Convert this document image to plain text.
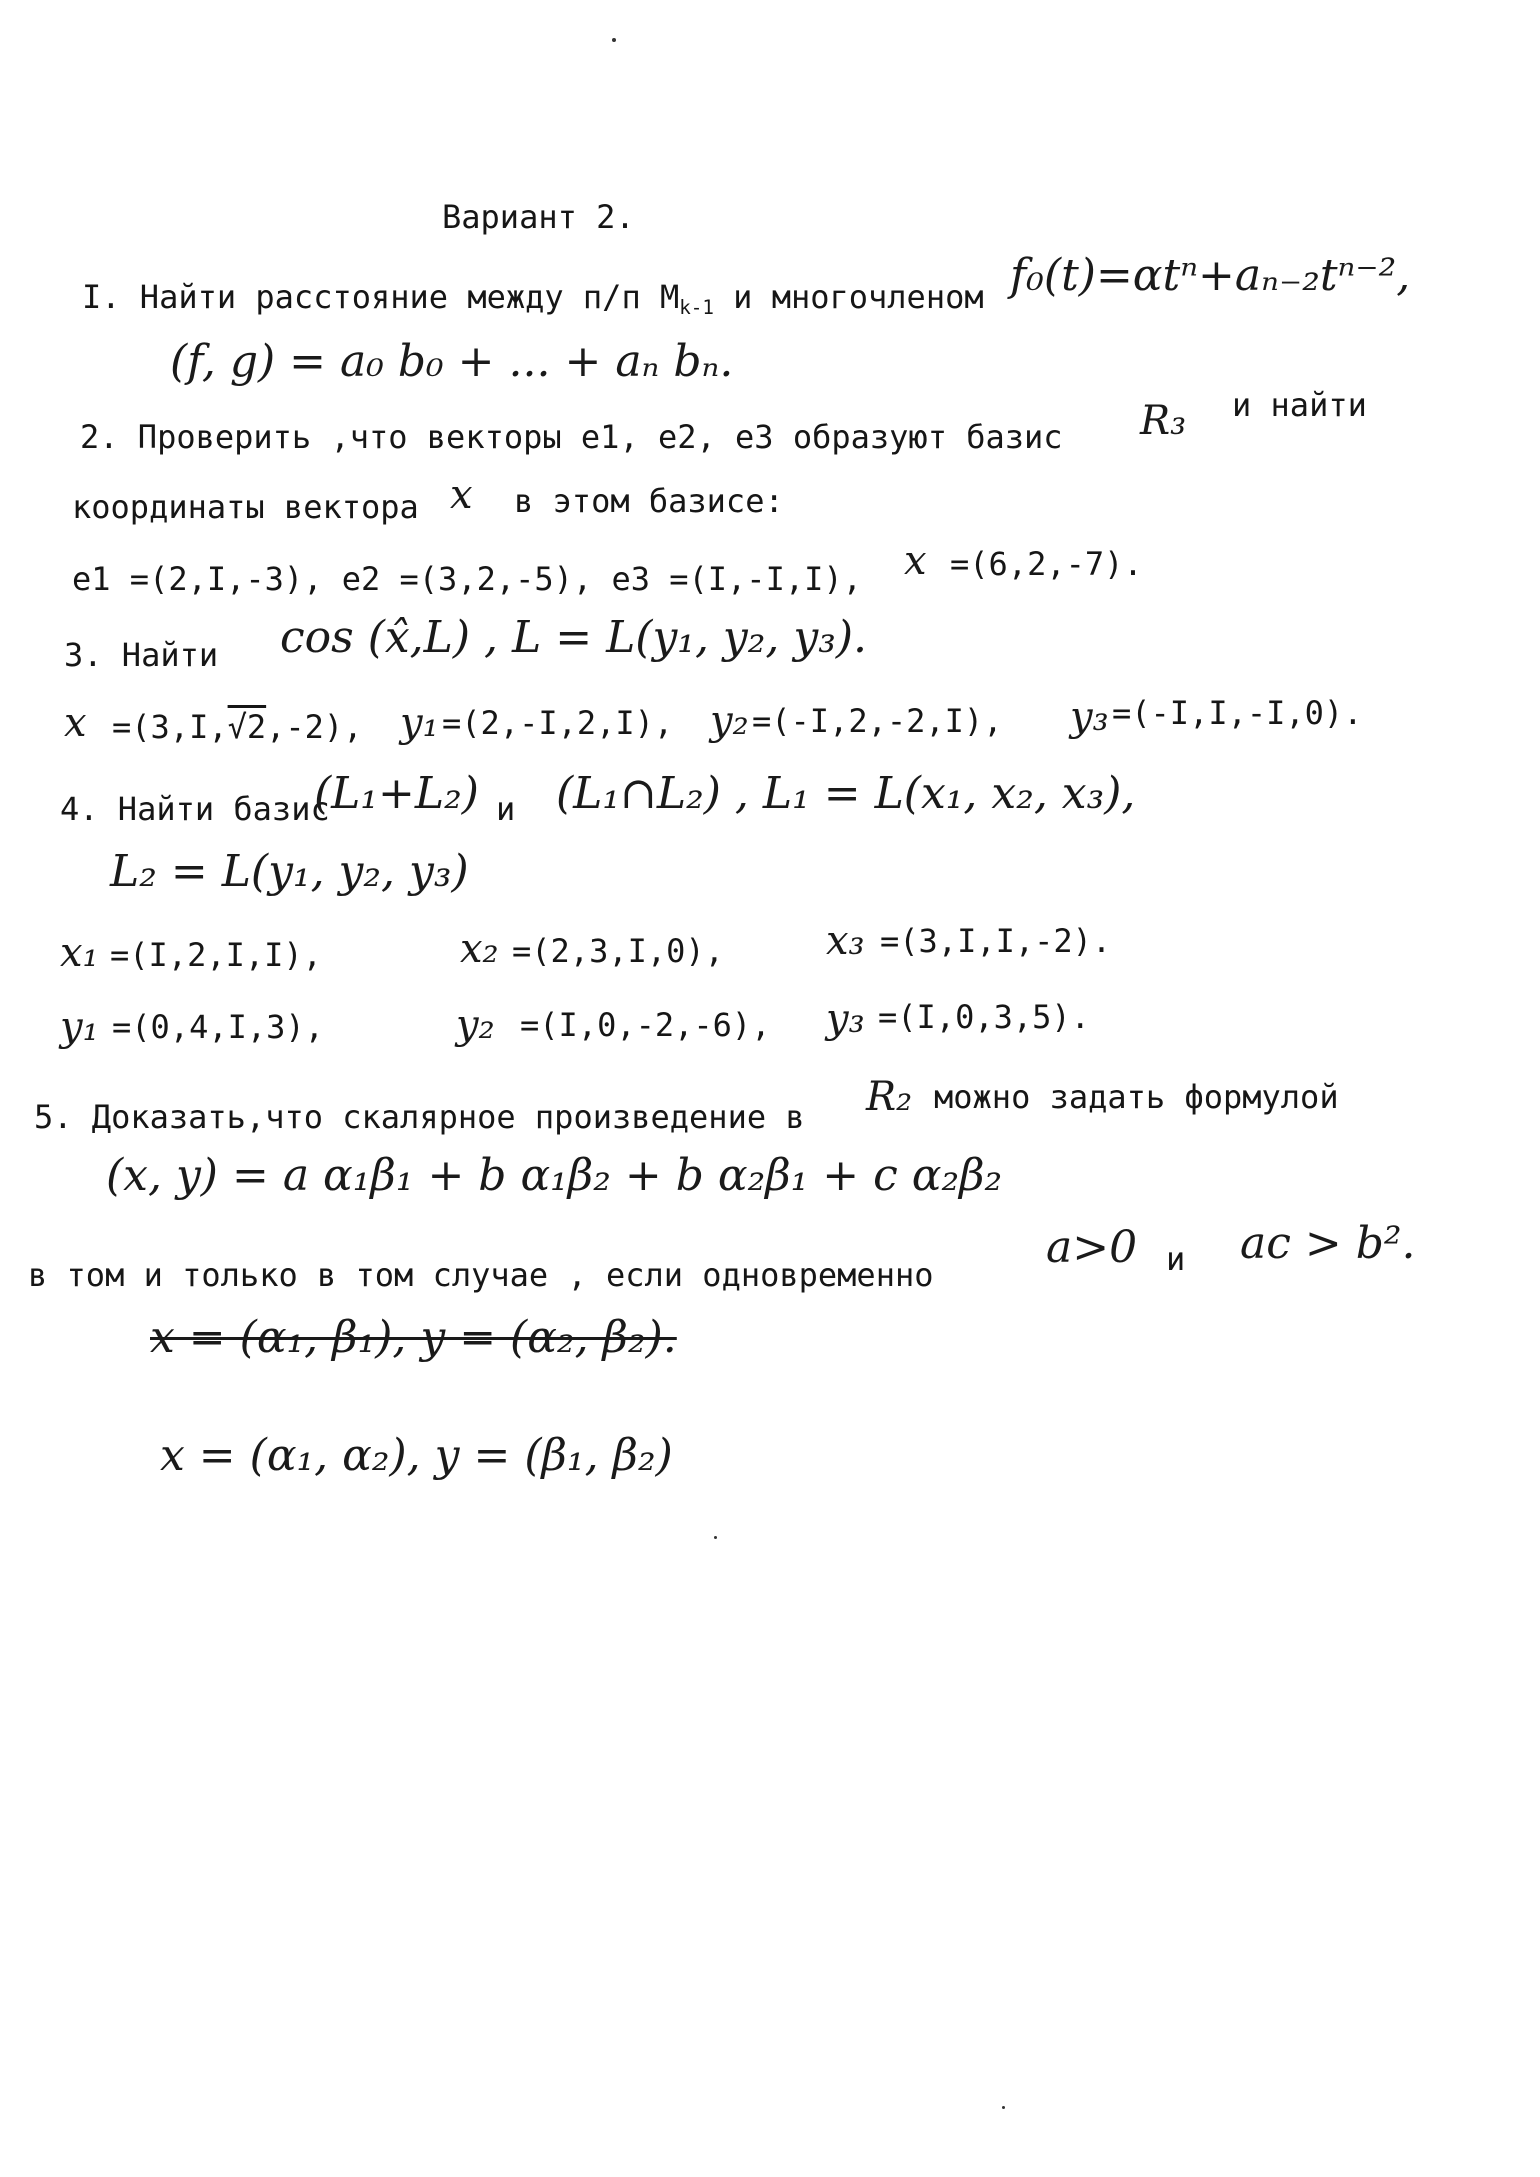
Вариант 2.
I. Найти расстояние между п/п $M_{k-1}$ и многочленом f₀(t)=αtⁿ+aₙ₋₂tⁿ⁻²,
(f, g) = a₀ b₀ + ... + aₙ bₙ.
2. Проверить ,что векторы e1, e2, e3 образуют базис R₃ и найти
координаты вектора x в этом базисе:
e1 =(2,I,-3), e2 =(3,2,-5), e3 =(I,-I,I), x =(6,2,-7).
3. Найти cos (x̂,L) , L = L(y₁, y₂, y₃).
x =(3,I,√2,-2), y₁ =(2,-I,2,I), y₂ =(-I,2,-2,I), y₃ =(-I,I,-I,0).
4. Найти базис
(L₁+L₂) и (L₁∩L₂) , L₁ = L(x₁, x₂, x₃),
L₂ = L(y₁, y₂, y₃)
x₁ =(I,2,I,I),	x₂ =(2,3,I,0),	x₃ =(3,I,I,-2).
y₁ =(0,4,I,3),	y₂ =(I,0,-2,-6), y₃ =(I,0,3,5).
5. Доказать,что скалярное произведение в R₂ можно задать формулой
(x, y) = a α₁β₁ + b α₁β₂ + b α₂β₁ + c α₂β₂
в том и только в том случае , если одновременно
a>0 и ac > b².
x = (α₁, β₁), y = (α₂, β₂).
x = (α₁, α₂), y = (β₁, β₂)
